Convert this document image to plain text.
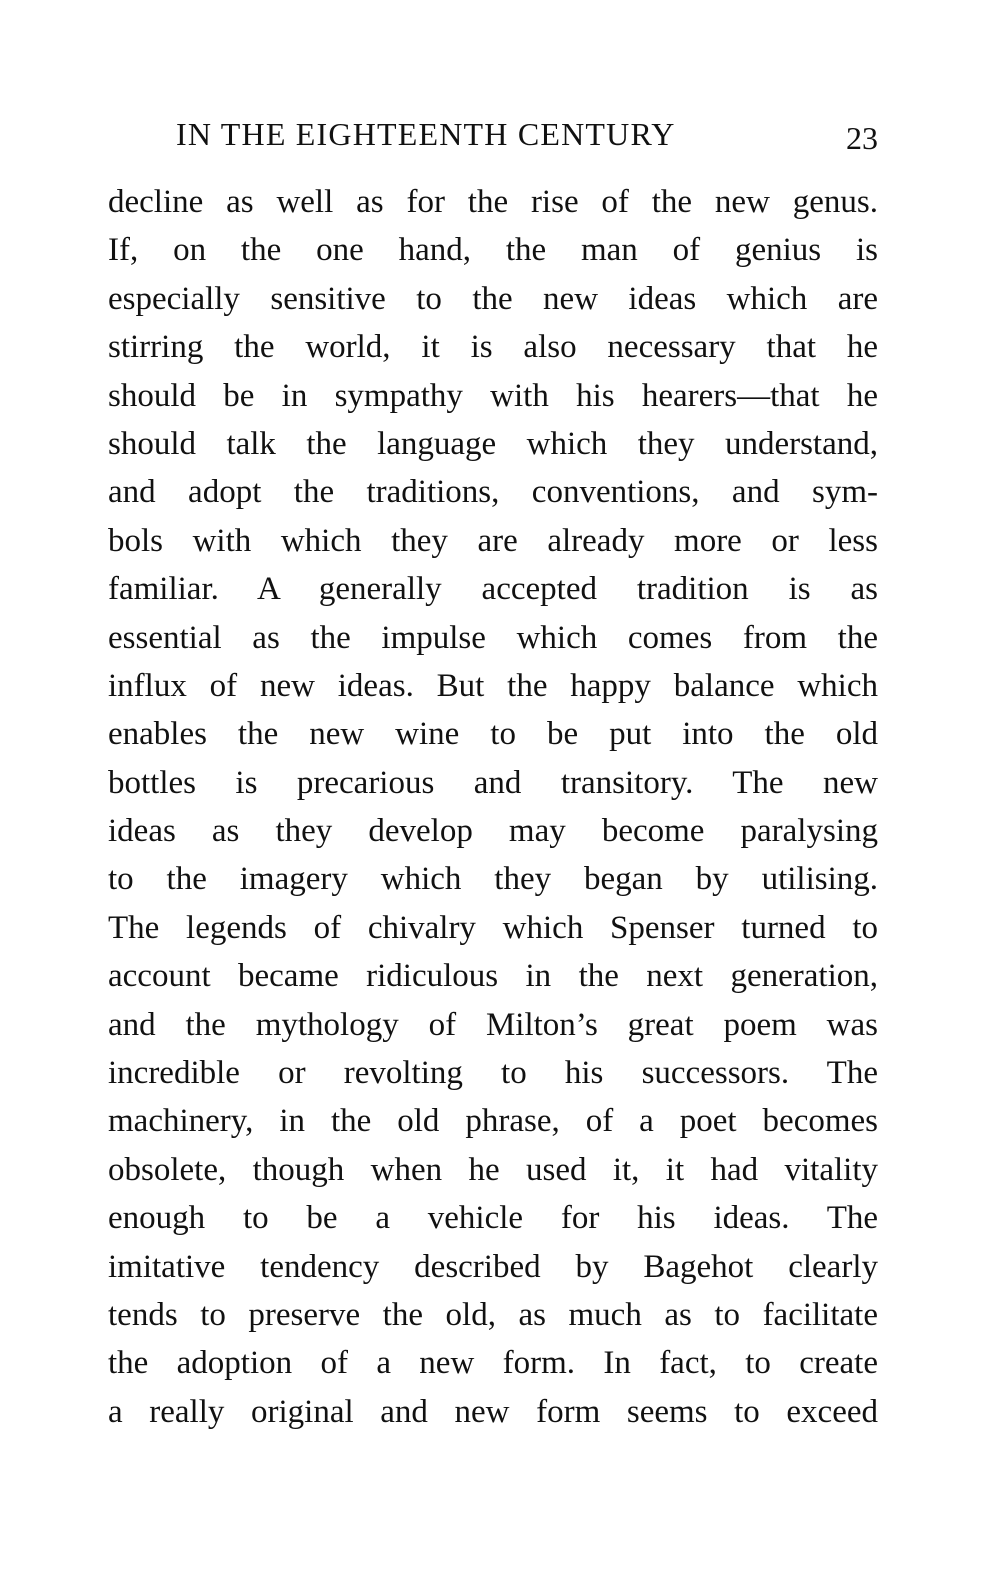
IN THE EIGHTEENTH CENTURY	23
decline as well as for the rise of the new genus.
If, on the one hand, the man of genius is
especially sensitive to the new ideas which are
stirring the world, it is also necessary that he
should be in sympathy with his hearers—that he
should talk the language which they understand,
and adopt the traditions, conventions, and sym-
bols with which they are already more or less
familiar. A generally accepted tradition is as
essential as the impulse which comes from the
influx of new ideas. But the happy balance which
enables the new wine to be put into the old
bottles is precarious and transitory. The new
ideas as they develop may become paralysing
to the imagery which they began by utilising.
The legends of chivalry which Spenser turned to
account became ridiculous in the next generation,
and the mythology of Milton’s great poem was
incredible or revolting to his successors. The
machinery, in the old phrase, of a poet becomes
obsolete, though when he used it, it had vitality
enough to be a vehicle for his ideas. The
imitative tendency described by Bagehot clearly
tends to preserve the old, as much as to facilitate
the adoption of a new form. In fact, to create
a really original and new form seems to exceed
